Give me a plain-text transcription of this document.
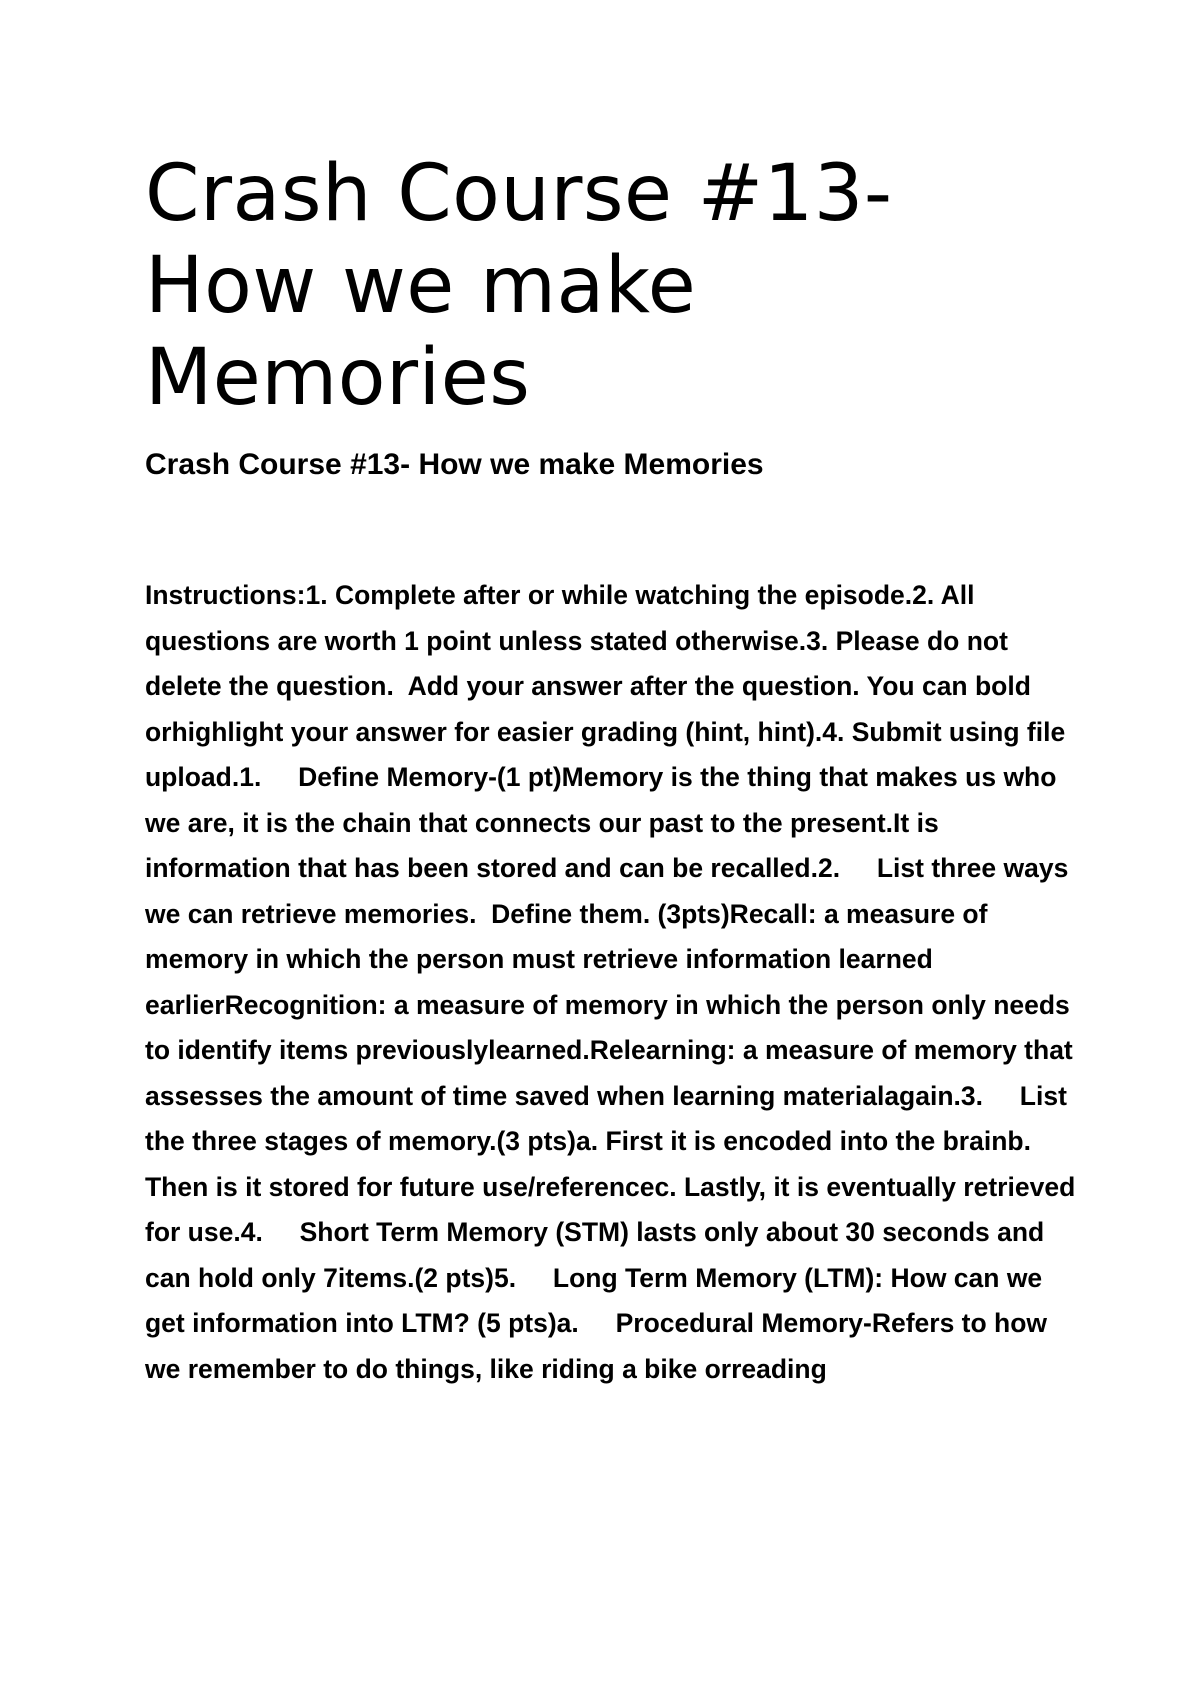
Crash Course #13- How we make Memories
Crash Course #13- How we make Memories

Instructions:1. Complete after or while watching the episode.2. All questions are worth 1 point unless stated otherwise.3. Please do not delete the question.  Add your answer after the question. You can bold orhighlight your answer for easier grading (hint, hint).4. Submit using file upload.1.     Define Memory-(1 pt)Memory is the thing that makes us who we are, it is the chain that connects our past to the present.It is information that has been stored and can be recalled.2.     List three ways we can retrieve memories.  Define them. (3pts)Recall: a measure of memory in which the person must retrieve information learned earlierRecognition: a measure of memory in which the person only needs to identify items previouslylearned.Relearning: a measure of memory that assesses the amount of time saved when learning materialagain.3.     List the three stages of memory.(3 pts)a. First it is encoded into the brainb. Then is it stored for future use/referencec. Lastly, it is eventually retrieved for use.4.     Short Term Memory (STM) lasts only about 30 seconds and can hold only 7items.(2 pts)5.     Long Term Memory (LTM): How can we get information into LTM? (5 pts)a.     Procedural Memory-Refers to how we remember to do things, like riding a bike orreading
